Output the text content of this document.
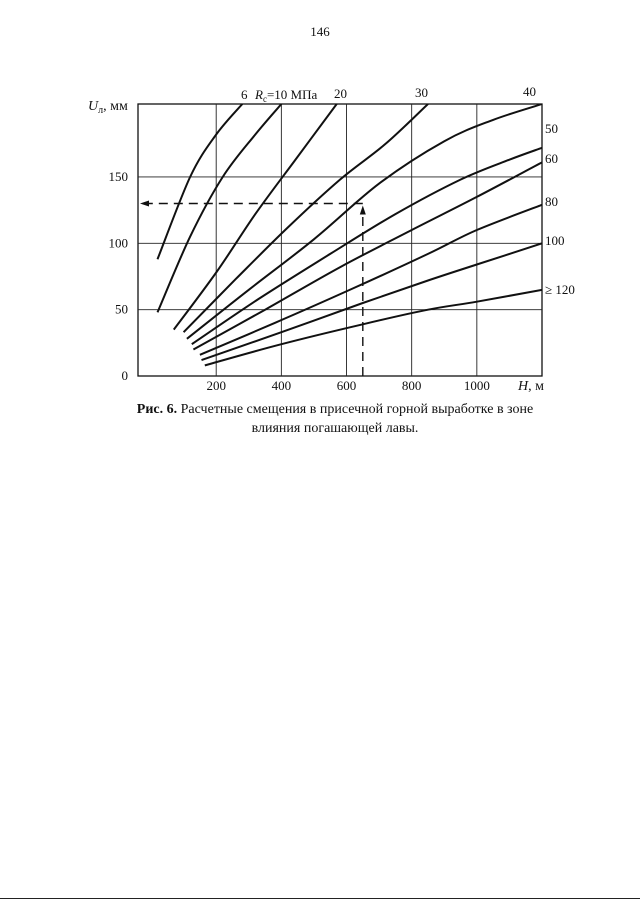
146
0
50
100
150
200	400	600	800	1000
$U_л$, мм
H, м
6 $R_c=10$ МПа 20	30	40
50
60
80
100
≥ 120
Рис. 6. Расчетные смещения в присечной горной выработке в зоне влияния погашающей лавы.
